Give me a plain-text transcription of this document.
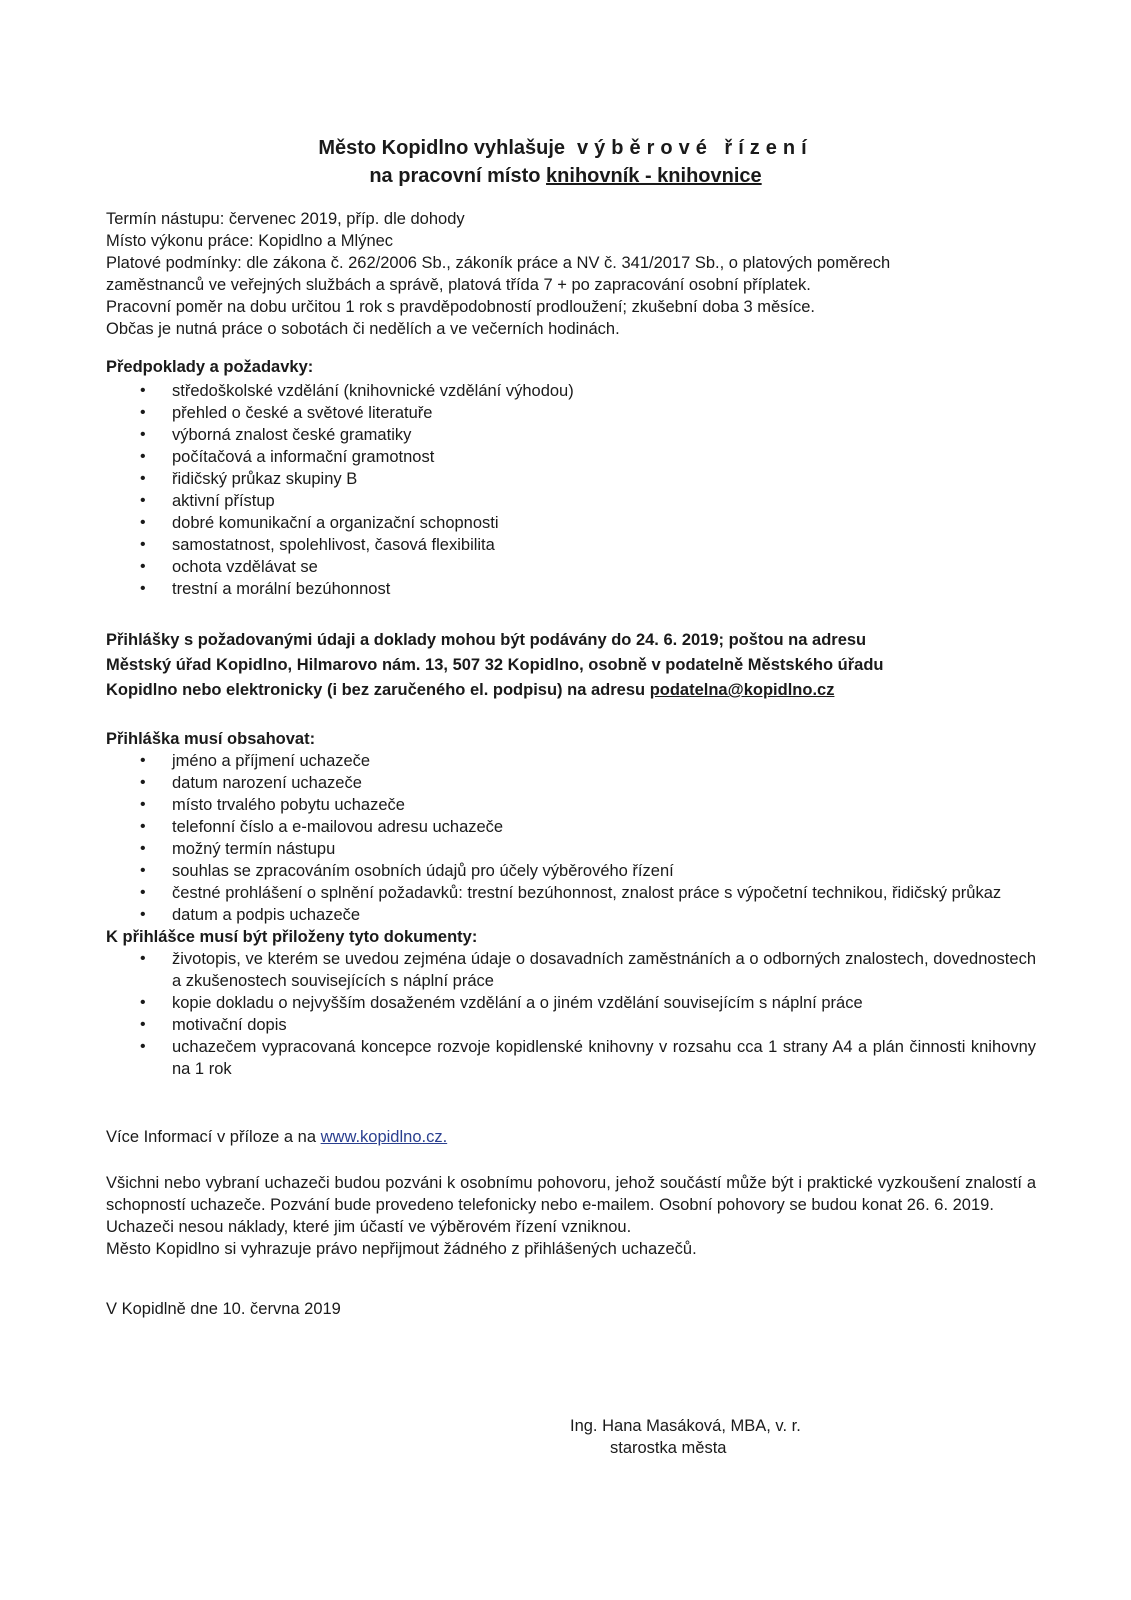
Město Kopidlno vyhlašuje výběrové řízení
na pracovní místo knihovník - knihovnice

Termín nástupu: červenec 2019, příp. dle dohody

Místo výkonu práce: Kopidlno a Mlýnec

Platové podmínky: dle zákona č. 262/2006 Sb., zákoník práce a NV č. 341/2017 Sb., o platových poměrech

zaměstnanců ve veřejných službách a správě, platová třída 7 + po zapracování osobní příplatek.

Pracovní poměr na dobu určitou 1 rok s pravděpodobností prodloužení; zkušební doba 3 měsíce.

Občas je nutná práce o sobotách či nedělích a ve večerních hodinách.

Předpoklady a požadavky:

• středoškolské vzdělání (knihovnické vzdělání výhodou)
• přehled o české a světové literatuře
• výborná znalost české gramatiky
• počítačová a informační gramotnost
• řidičský průkaz skupiny B
• aktivní přístup
• dobré komunikační a organizační schopnosti
• samostatnost, spolehlivost, časová flexibilita
• ochota vzdělávat se
• trestní a morální bezúhonnost

Přihlášky s požadovanými údaji a doklady mohou být podávány do 24. 6. 2019; poštou na adresu

Městský úřad Kopidlno, Hilmarovo nám. 13, 507 32 Kopidlno, osobně v podatelně Městského úřadu

Kopidlno nebo elektronicky (i bez zaručeného el. podpisu) na adresu podatelna@kopidlno.cz

Přihláška musí obsahovat:

• jméno a příjmení uchazeče
• datum narození uchazeče
• místo trvalého pobytu uchazeče
• telefonní číslo a e-mailovou adresu uchazeče
• možný termín nástupu
• souhlas se zpracováním osobních údajů pro účely výběrového řízení
• čestné prohlášení o splnění požadavků: trestní bezúhonnost, znalost práce s výpočetní technikou, řidičský průkaz
• datum a podpis uchazeče

K přihlášce musí být přiloženy tyto dokumenty:

• životopis, ve kterém se uvedou zejména údaje o dosavadních zaměstnáních a o odborných znalostech, dovednostech a zkušenostech souvisejících s náplní práce
• kopie dokladu o nejvyšším dosaženém vzdělání a o jiném vzdělání souvisejícím s náplní práce
• motivační dopis
• uchazečem vypracovaná koncepce rozvoje kopidlenské knihovny v rozsahu cca 1 strany A4 a plán činnosti knihovny na 1 rok

Více Informací v příloze a na www.kopidlno.cz.

Všichni nebo vybraní uchazeči budou pozváni k osobnímu pohovoru, jehož součástí může být i praktické vyzkoušení znalostí a schopností uchazeče. Pozvání bude provedeno telefonicky nebo e-mailem. Osobní pohovory se budou konat 26. 6. 2019.

Uchazeči nesou náklady, které jim účastí ve výběrovém řízení vzniknou.

Město Kopidlno si vyhrazuje právo nepřijmout žádného z přihlášených uchazečů.

V Kopidlně dne 10. června 2019

Ing. Hana Masáková, MBA, v. r.

starostka města
